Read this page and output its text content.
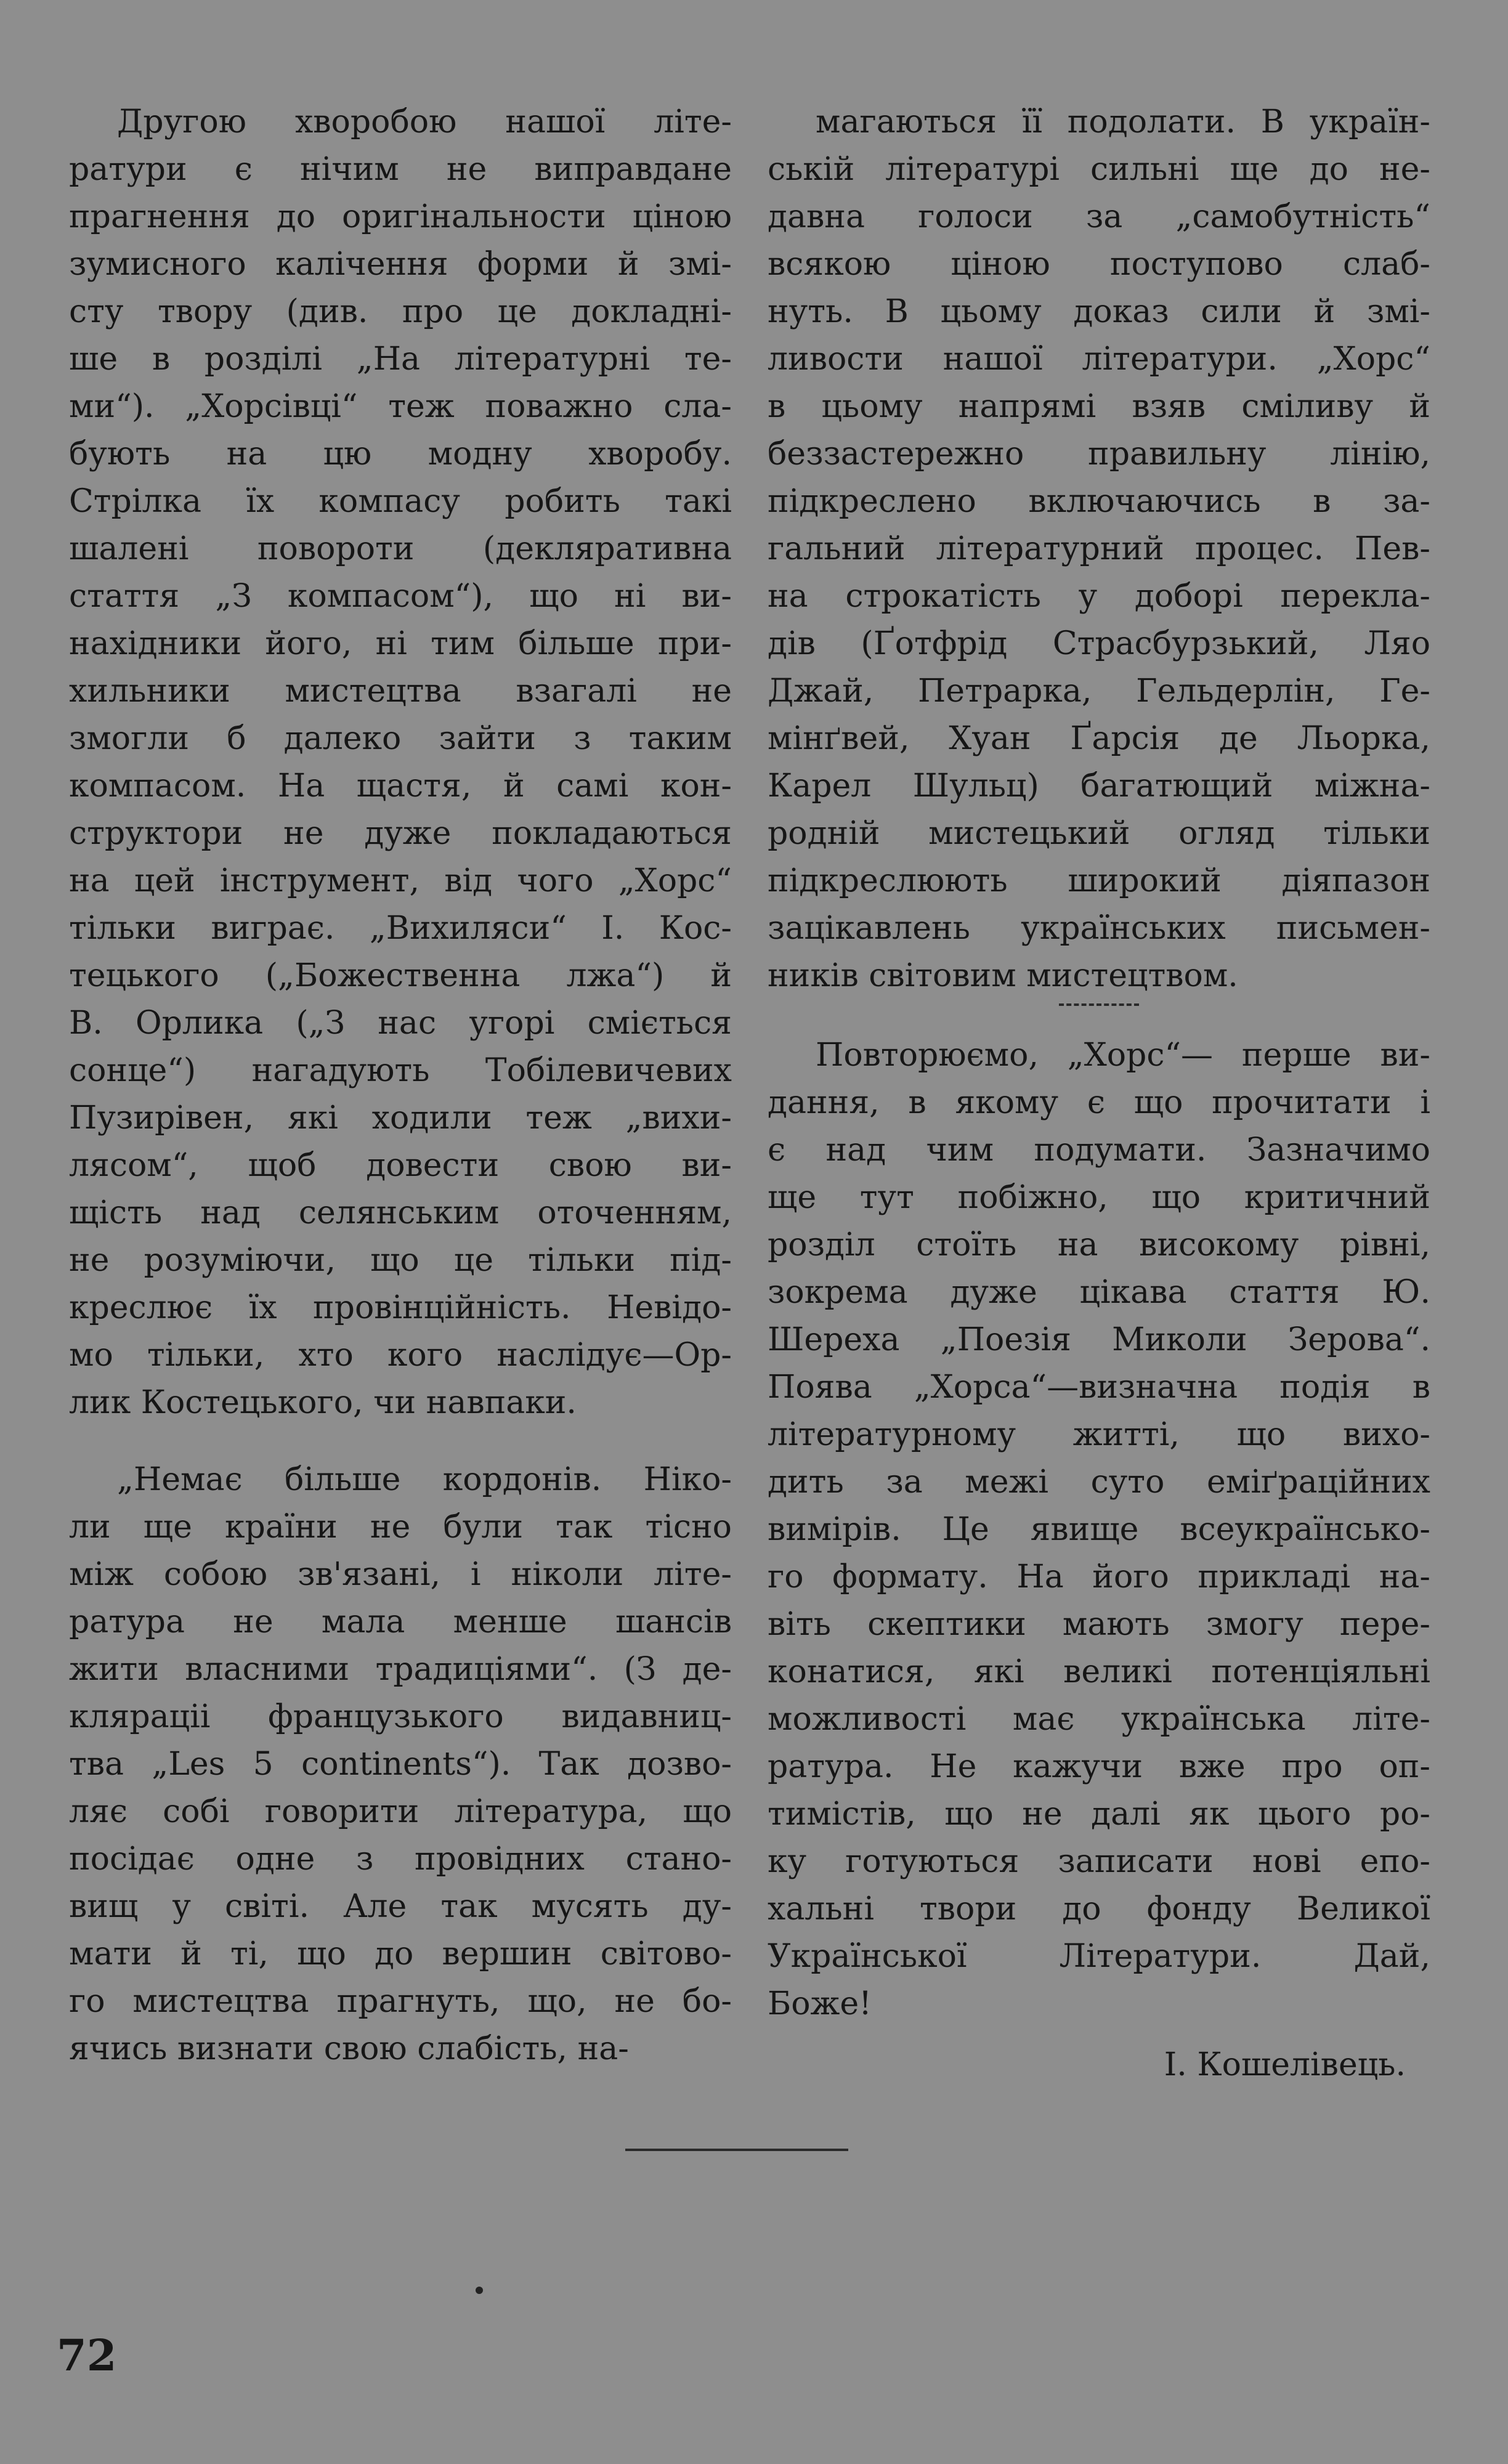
Другою хворобою нашої літе-
ратури є нічим не виправдане
прагнення до оригінальности ціною
зумисного калічення форми й змі-
сту твору (див. про це докладні-
ше в розділі „На літературні те-
ми“). „Хорсівці“ теж поважно сла-
бують на цю модну хворобу.
Стрілка їх компасу робить такі
шалені повороти (декляративна
стаття „З компасом“), що ні ви-
нахідники його, ні тим більше при-
хильники мистецтва взагалі не
змогли б далеко зайти з таким
компасом. На щастя, й самі кон-
структори не дуже покладаються
на цей інструмент, від чого „Хорс“
тільки виграє. „Вихиляси“ І. Кос-
тецького („Божественна лжа“) й
В. Орлика („З нас угорі сміється
сонце“) нагадують Тобілевичевих
Пузирівен, які ходили теж „вихи-
лясом“, щоб довести свою ви-
щість над селянським оточенням,
не розуміючи, що це тільки під-
креслює їх провінційність. Невідо-
мо тільки, хто кого наслідує—Ор-
лик Костецького, чи навпаки.

„Немає більше кордонів. Ніко-
ли ще країни не були так тісно
між собою зв'язані, і ніколи літе-
ратура не мала менше шансів
жити власними традиціями“. (З де-
кляраціі французького видавниц-
тва „Les 5 continents“). Так дозво-
ляє собі говорити література, що
посідає одне з провідних стано-
вищ у світі. Але так мусять ду-
мати й ті, що до вершин світово-
го мистецтва прагнуть, що, не бо-
ячись визнати свою слабість, на-

магаються її подолати. В україн-
ській літературі сильні ще до не-
давна голоси за „самобутність“
всякою ціною поступово слаб-
нуть. В цьому доказ сили й змі-
ливости нашої літератури. „Хорс“
в цьому напрямі взяв сміливу й
беззастережно правильну лінію,
підкреслено включаючись в за-
гальний літературний процес. Пев-
на строкатість у доборі перекла-
дів (Ґотфрід Страсбурзький, Ляо
Джай, Петрарка, Гельдерлін, Ге-
мінґвей, Хуан Ґарсія де Льорка,
Карел Шульц) багатющий міжна-
родній мистецький огляд тільки
підкреслюють широкий діяпазон
зацікавлень українських письмен-
ників світовим мистецтвом.

Повторюємо, „Хорс“— перше ви-
дання, в якому є що прочитати і
є над чим подумати. Зазначимо
ще тут побіжно, що критичний
розділ стоїть на високому рівні,
зокрема дуже цікава стаття Ю.
Шереха „Поезія Миколи Зерова“.
Поява „Хорса“—визначна подія в
літературному житті, що вихо-
дить за межі суто еміґраційних
вимірів. Це явище всеукраїнсько-
го формату. На його прикладі на-
віть скептики мають змогу пере-
конатися, які великі потенціяльні
можливості має українська літе-
ратура. Не кажучи вже про оп-
тимістів, що не далі як цього ро-
ку готуються записати нові епо-
хальні твори до фонду Великої
Української Літератури. Дай,
Боже!

І. Кошелівець.
72
